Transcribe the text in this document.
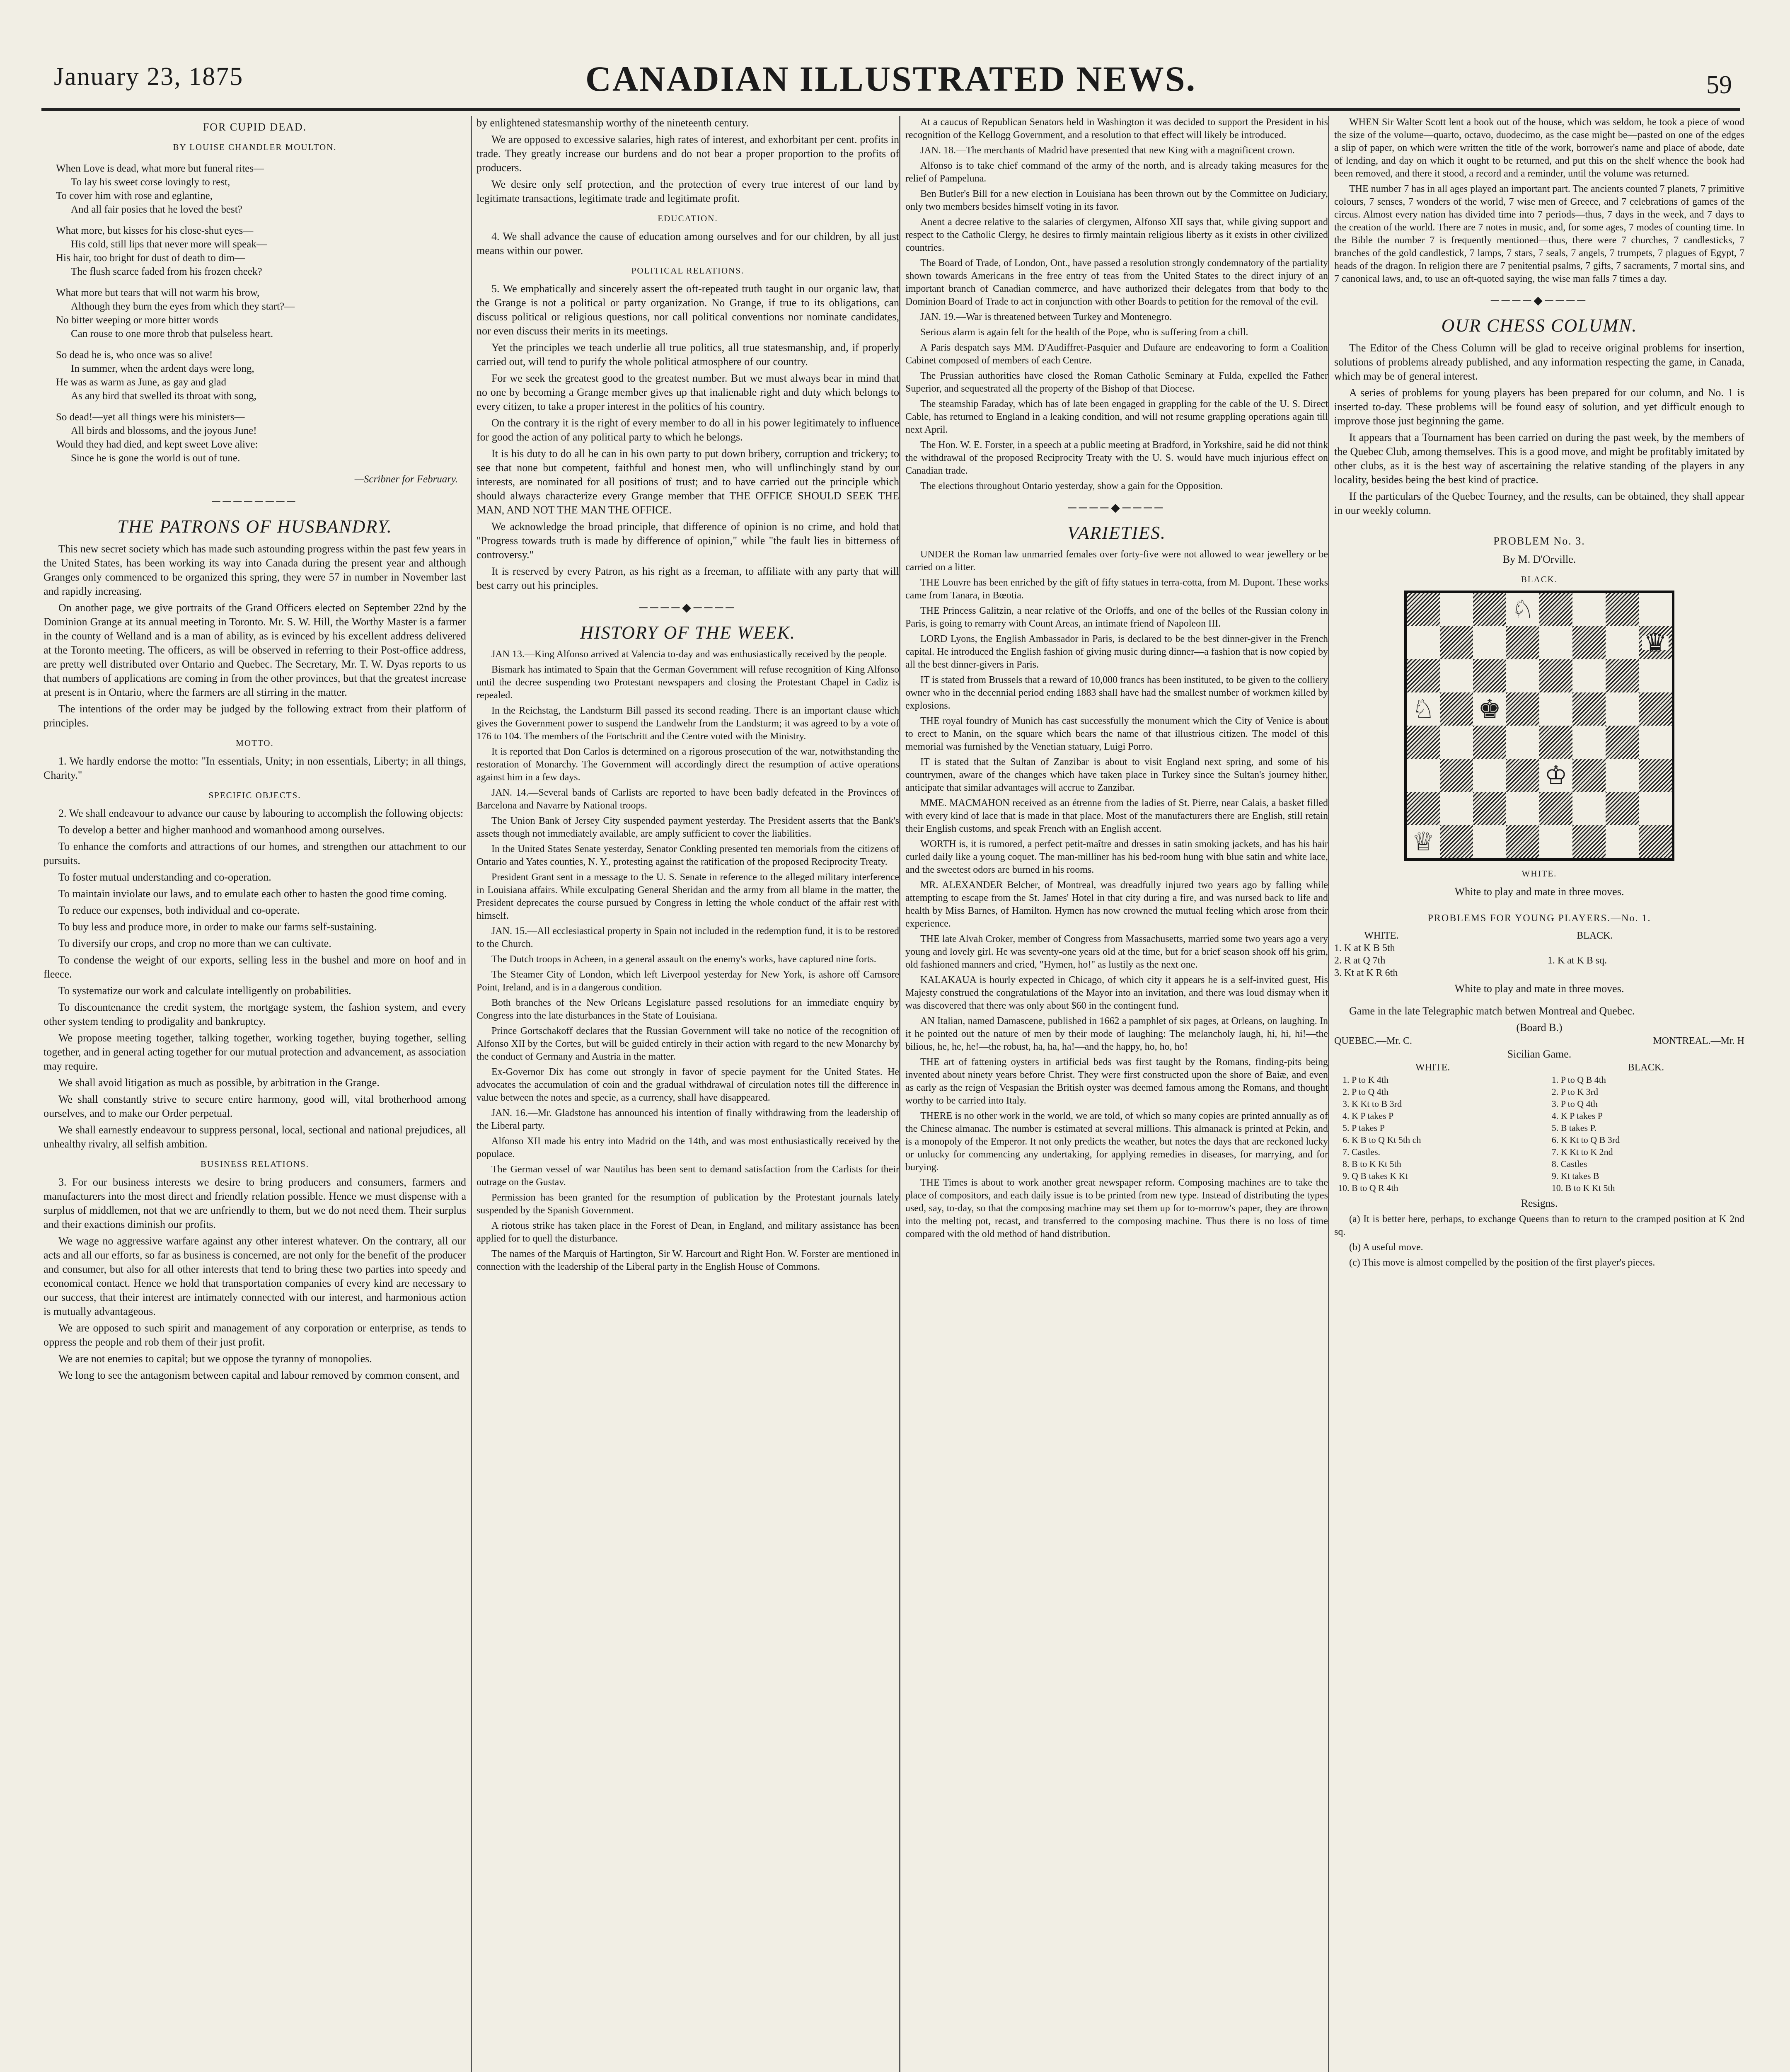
January 23, 1875	CANADIAN ILLUSTRATED NEWS.	59
FOR CUPID DEAD.
BY LOUISE CHANDLER MOULTON.
When Love is dead, what more but funeral rites—
To lay his sweet corse lovingly to rest,
To cover him with rose and eglantine,
And all fair posies that he loved the best?
What more, but kisses for his close-shut eyes—
His cold, still lips that never more will speak—
His hair, too bright for dust of death to dim—
The flush scarce faded from his frozen cheek?
What more but tears that will not warm his brow,
Although they burn the eyes from which they start?—
No bitter weeping or more bitter words
Can rouse to one more throb that pulseless heart.
So dead he is, who once was so alive!
In summer, when the ardent days were long,
He was as warm as June, as gay and glad
As any bird that swelled its throat with song,
So dead!—yet all things were his ministers—
All birds and blossoms, and the joyous June!
Would they had died, and kept sweet Love alive:
Since he is gone the world is out of tune.
—Scribner for February.
────────
THE PATRONS OF HUSBANDRY.

This new secret society which has made such astounding progress within the past few years in the United States, has been working its way into Canada during the present year and although Granges only commenced to be organized this spring, they were 57 in number in November last and rapidly increasing.

On another page, we give portraits of the Grand Officers elected on September 22nd by the Dominion Grange at its annual meeting in Toronto. Mr. S. W. Hill, the Worthy Master is a farmer in the county of Welland and is a man of ability, as is evinced by his excellent address delivered at the Toronto meeting. The officers, as will be observed in referring to their Post-office address, are pretty well distributed over Ontario and Quebec. The Secretary, Mr. T. W. Dyas reports to us that numbers of applications are coming in from the other provinces, but that the greatest increase at present is in Ontario, where the farmers are all stirring in the matter.

The intentions of the order may be judged by the following extract from their platform of principles.

MOTTO.

1. We hardly endorse the motto: "In essentials, Unity; in non essentials, Liberty; in all things, Charity."

SPECIFIC OBJECTS.

2. We shall endeavour to advance our cause by labouring to accomplish the following objects:

To develop a better and higher manhood and womanhood among ourselves.

To enhance the comforts and attractions of our homes, and strengthen our attachment to our pursuits.

To foster mutual understanding and co-operation.

To maintain inviolate our laws, and to emulate each other to hasten the good time coming.

To reduce our expenses, both individual and co-operate.

To buy less and produce more, in order to make our farms self-sustaining.

To diversify our crops, and crop no more than we can cultivate.

To condense the weight of our exports, selling less in the bushel and more on hoof and in fleece.

To systematize our work and calculate intelligently on probabilities.

To discountenance the credit system, the mortgage system, the fashion system, and every other system tending to prodigality and bankruptcy.

We propose meeting together, talking together, working together, buying together, selling together, and in general acting together for our mutual protection and advancement, as association may require.

We shall avoid litigation as much as possible, by arbitration in the Grange.

We shall constantly strive to secure entire harmony, good will, vital brotherhood among ourselves, and to make our Order perpetual.

We shall earnestly endeavour to suppress personal, local, sectional and national prejudices, all unhealthy rivalry, all selfish ambition.

BUSINESS RELATIONS.

3. For our business interests we desire to bring producers and consumers, farmers and manufacturers into the most direct and friendly relation possible. Hence we must dispense with a surplus of middlemen, not that we are unfriendly to them, but we do not need them. Their surplus and their exactions diminish our profits.

We wage no aggressive warfare against any other interest whatever. On the contrary, all our acts and all our efforts, so far as business is concerned, are not only for the benefit of the producer and consumer, but also for all other interests that tend to bring these two parties into speedy and economical contact. Hence we hold that transportation companies of every kind are necessary to our success, that their interest are intimately connected with our interest, and harmonious action is mutually advantageous.

We are opposed to such spirit and management of any corporation or enterprise, as tends to oppress the people and rob them of their just profit.

We are not enemies to capital; but we oppose the tyranny of monopolies.

We long to see the antagonism between capital and labour removed by common consent, and

by enlightened statesmanship worthy of the nineteenth century.

We are opposed to excessive salaries, high rates of interest, and exhorbitant per cent. profits in trade. They greatly increase our burdens and do not bear a proper proportion to the profits of producers.

We desire only self protection, and the protection of every true interest of our land by legitimate transactions, legitimate trade and legitimate profit.

EDUCATION.

4. We shall advance the cause of education among ourselves and for our children, by all just means within our power.

POLITICAL RELATIONS.

5. We emphatically and sincerely assert the oft-repeated truth taught in our organic law, that the Grange is not a political or party organization. No Grange, if true to its obligations, can discuss political or religious questions, nor call political conventions nor nominate candidates, nor even discuss their merits in its meetings.

Yet the principles we teach underlie all true politics, all true statesmanship, and, if properly carried out, will tend to purify the whole political atmosphere of our country.

For we seek the greatest good to the greatest number. But we must always bear in mind that no one by becoming a Grange member gives up that inalienable right and duty which belongs to every citizen, to take a proper interest in the politics of his country.

On the contrary it is the right of every member to do all in his power legitimately to influence for good the action of any political party to which he belongs.

It is his duty to do all he can in his own party to put down bribery, corruption and trickery; to see that none but competent, faithful and honest men, who will unflinchingly stand by our interests, are nominated for all positions of trust; and to have carried out the principle which should always characterize every Grange member that THE OFFICE SHOULD SEEK THE MAN, AND NOT THE MAN THE OFFICE.

We acknowledge the broad principle, that difference of opinion is no crime, and hold that "Progress towards truth is made by difference of opinion," while "the fault lies in bitterness of controversy."

It is reserved by every Patron, as his right as a freeman, to affiliate with any party that will best carry out his principles.

────◆────
HISTORY OF THE WEEK.

JAN 13.—King Alfonso arrived at Valencia to-day and was enthusiastically received by the people.

Bismark has intimated to Spain that the German Government will refuse recognition of King Alfonso until the decree suspending two Protestant newspapers and closing the Protestant Chapel in Cadiz is repealed.

In the Reichstag, the Landsturm Bill passed its second reading. There is an important clause which gives the Government power to suspend the Landwehr from the Landsturm; it was agreed to by a vote of 176 to 104. The members of the Fortschritt and the Centre voted with the Ministry.

It is reported that Don Carlos is determined on a rigorous prosecution of the war, notwithstanding the restoration of Monarchy. The Government will accordingly direct the resumption of active operations against him in a few days.

JAN. 14.—Several bands of Carlists are reported to have been badly defeated in the Provinces of Barcelona and Navarre by National troops.

The Union Bank of Jersey City suspended payment yesterday. The President asserts that the Bank's assets though not immediately available, are amply sufficient to cover the liabilities.

In the United States Senate yesterday, Senator Conkling presented ten memorials from the citizens of Ontario and Yates counties, N. Y., protesting against the ratification of the proposed Reciprocity Treaty.

President Grant sent in a message to the U. S. Senate in reference to the alleged military interference in Louisiana affairs. While exculpating General Sheridan and the army from all blame in the matter, the President deprecates the course pursued by Congress in letting the whole conduct of the affair rest with himself.

JAN. 15.—All ecclesiastical property in Spain not included in the redemption fund, it is to be restored to the Church.

The Dutch troops in Acheen, in a general assault on the enemy's works, have captured nine forts.

The Steamer City of London, which left Liverpool yesterday for New York, is ashore off Carnsore Point, Ireland, and is in a dangerous condition.

Both branches of the New Orleans Legislature passed resolutions for an immediate enquiry by Congress into the late disturbances in the State of Louisiana.

Prince Gortschakoff declares that the Russian Government will take no notice of the recognition of Alfonso XII by the Cortes, but will be guided entirely in their action with regard to the new Monarchy by the conduct of Germany and Austria in the matter.

Ex-Governor Dix has come out strongly in favor of specie payment for the United States. He advocates the accumulation of coin and the gradual withdrawal of circulation notes till the difference in value between the notes and specie, as a currency, shall have disappeared.

JAN. 16.—Mr. Gladstone has announced his intention of finally withdrawing from the leadership of the Liberal party.

Alfonso XII made his entry into Madrid on the 14th, and was most enthusiastically received by the populace.

The German vessel of war Nautilus has been sent to demand satisfaction from the Carlists for their outrage on the Gustav.

Permission has been granted for the resumption of publication by the Protestant journals lately suspended by the Spanish Government.

A riotous strike has taken place in the Forest of Dean, in England, and military assistance has been applied for to quell the disturbance.

The names of the Marquis of Hartington, Sir W. Harcourt and Right Hon. W. Forster are mentioned in connection with the leadership of the Liberal party in the English House of Commons.

At a caucus of Republican Senators held in Washington it was decided to support the President in his recognition of the Kellogg Government, and a resolution to that effect will likely be introduced.

JAN. 18.—The merchants of Madrid have presented that new King with a magnificent crown.

Alfonso is to take chief command of the army of the north, and is already taking measures for the relief of Pampeluna.

Ben Butler's Bill for a new election in Louisiana has been thrown out by the Committee on Judiciary, only two members besides himself voting in its favor.

Anent a decree relative to the salaries of clergymen, Alfonso XII says that, while giving support and respect to the Catholic Clergy, he desires to firmly maintain religious liberty as it exists in other civilized countries.

The Board of Trade, of London, Ont., have passed a resolution strongly condemnatory of the partiality shown towards Americans in the free entry of teas from the United States to the direct injury of an important branch of Canadian commerce, and have authorized their delegates from that body to the Dominion Board of Trade to act in conjunction with other Boards to petition for the removal of the evil.

JAN. 19.—War is threatened between Turkey and Montenegro.

Serious alarm is again felt for the health of the Pope, who is suffering from a chill.

A Paris despatch says MM. D'Audiffret-Pasquier and Dufaure are endeavoring to form a Coalition Cabinet composed of members of each Centre.

The Prussian authorities have closed the Roman Catholic Seminary at Fulda, expelled the Father Superior, and sequestrated all the property of the Bishop of that Diocese.

The steamship Faraday, which has of late been engaged in grappling for the cable of the U. S. Direct Cable, has returned to England in a leaking condition, and will not resume grappling operations again till next April.

The Hon. W. E. Forster, in a speech at a public meeting at Bradford, in Yorkshire, said he did not think the withdrawal of the proposed Reciprocity Treaty with the U. S. would have much injurious effect on Canadian trade.

The elections throughout Ontario yesterday, show a gain for the Opposition.

────◆────
VARIETIES.

UNDER the Roman law unmarried females over forty-five were not allowed to wear jewellery or be carried on a litter.

THE Louvre has been enriched by the gift of fifty statues in terra-cotta, from M. Dupont. These works came from Tanara, in Bœotia.

THE Princess Galitzin, a near relative of the Orloffs, and one of the belles of the Russian colony in Paris, is going to remarry with Count Areas, an intimate friend of Napoleon III.

LORD Lyons, the English Ambassador in Paris, is declared to be the best dinner-giver in the French capital. He introduced the English fashion of giving music during dinner—a fashion that is now copied by all the best dinner-givers in Paris.

IT is stated from Brussels that a reward of 10,000 francs has been instituted, to be given to the colliery owner who in the decennial period ending 1883 shall have had the smallest number of workmen killed by explosions.

THE royal foundry of Munich has cast successfully the monument which the City of Venice is about to erect to Manin, on the square which bears the name of that illustrious citizen. The model of this memorial was furnished by the Venetian statuary, Luigi Porro.

IT is stated that the Sultan of Zanzibar is about to visit England next spring, and some of his countrymen, aware of the changes which have taken place in Turkey since the Sultan's journey hither, anticipate that similar advantages will accrue to Zanzibar.

MME. MACMAHON received as an étrenne from the ladies of St. Pierre, near Calais, a basket filled with every kind of lace that is made in that place. Most of the manufacturers there are English, still retain their English customs, and speak French with an English accent.

WORTH is, it is rumored, a perfect petit-maître and dresses in satin smoking jackets, and has his hair curled daily like a young coquet. The man-milliner has his bed-room hung with blue satin and white lace, and the sweetest odors are burned in his rooms.

MR. ALEXANDER Belcher, of Montreal, was dreadfully injured two years ago by falling while attempting to escape from the St. James' Hotel in that city during a fire, and was nursed back to life and health by Miss Barnes, of Hamilton. Hymen has now crowned the mutual feeling which arose from their experience.

THE late Alvah Croker, member of Congress from Massachusetts, married some two years ago a very young and lovely girl. He was seventy-one years old at the time, but for a brief season shook off his grim, old fashioned manners and cried, "Hymen, ho!" as lustily as the next one.

KALAKAUA is hourly expected in Chicago, of which city it appears he is a self-invited guest, His Majesty construed the congratulations of the Mayor into an invitation, and there was loud dismay when it was discovered that there was only about $60 in the contingent fund.

AN Italian, named Damascene, published in 1662 a pamphlet of six pages, at Orleans, on laughing. In it he pointed out the nature of men by their mode of laughing: The melancholy laugh, hi, hi, hi!—the bilious, he, he, he!—the robust, ha, ha, ha!—and the happy, ho, ho, ho!

THE art of fattening oysters in artificial beds was first taught by the Romans, finding-pits being invented about ninety years before Christ. They were first constructed upon the shore of Baiæ, and even as early as the reign of Vespasian the British oyster was deemed famous among the Romans, and thought worthy to be carried into Italy.

THERE is no other work in the world, we are told, of which so many copies are printed annually as of the Chinese almanac. The number is estimated at several millions. This almanack is printed at Pekin, and is a monopoly of the Emperor. It not only predicts the weather, but notes the days that are reckoned lucky or unlucky for commencing any undertaking, for applying remedies in diseases, for marrying, and for burying.

THE Times is about to work another great newspaper reform. Composing machines are to take the place of compositors, and each daily issue is to be printed from new type. Instead of distributing the types used, say, to-day, so that the composing machine may set them up for to-morrow's paper, they are thrown into the melting pot, recast, and transferred to the composing machine. Thus there is no loss of time compared with the old method of hand distribution.

WHEN Sir Walter Scott lent a book out of the house, which was seldom, he took a piece of wood the size of the volume—quarto, octavo, duodecimo, as the case might be—pasted on one of the edges a slip of paper, on which were written the title of the work, borrower's name and place of abode, date of lending, and day on which it ought to be returned, and put this on the shelf whence the book had been removed, and there it stood, a record and a reminder, until the volume was returned.

THE number 7 has in all ages played an important part. The ancients counted 7 planets, 7 primitive colours, 7 senses, 7 wonders of the world, 7 wise men of Greece, and 7 celebrations of games of the circus. Almost every nation has divided time into 7 periods—thus, 7 days in the week, and 7 days to the creation of the world. There are 7 notes in music, and, for some ages, 7 modes of counting time. In the Bible the number 7 is frequently mentioned—thus, there were 7 churches, 7 candlesticks, 7 branches of the gold candlestick, 7 lamps, 7 stars, 7 seals, 7 angels, 7 trumpets, 7 plagues of Egypt, 7 heads of the dragon. In religion there are 7 penitential psalms, 7 gifts, 7 sacraments, 7 mortal sins, and 7 canonical laws, and, to use an oft-quoted saying, the wise man falls 7 times a day.

────◆────
OUR CHESS COLUMN.

The Editor of the Chess Column will be glad to receive original problems for insertion, solutions of problems already published, and any information respecting the game, in Canada, which may be of general interest.

A series of problems for young players has been prepared for our column, and No. 1 is inserted to-day. These problems will be found easy of solution, and yet difficult enough to improve those just beginning the game.

It appears that a Tournament has been carried on during the past week, by the members of the Quebec Club, among themselves. This is a good move, and might be profitably imitated by other clubs, as it is the best way of ascertaining the relative standing of the players in any locality, besides being the best kind of practice.

If the particulars of the Quebec Tourney, and the results, can be obtained, they shall appear in our weekly column.

PROBLEM No. 3.
By M. D'Orville.
BLACK.
♘
♛
♘ ♚
♔
♕
WHITE.
White to play and mate in three moves.
PROBLEMS FOR YOUNG PLAYERS.—No. 1.
WHITE.
1. K at K B 5th
2. R at Q 7th
3. Kt at K R 6th
BLACK.

1. K at K B sq.
White to play and mate in three moves.

Game in the late Telegraphic match betwen Montreal and Quebec.

(Board B.)
QUEBEC.—Mr. C.	MONTREAL.—Mr. H
Sicilian Game.
WHITE.	BLACK.
1. P to K 4th
2. P to Q 4th
3. K Kt to B 3rd
4. K P takes P
5. P takes P
6. K B to Q Kt 5th ch
7. Castles.
8. B to K Kt 5th
9. Q B takes K Kt
10. B to Q R 4th
1. P to Q B 4th
2. P to K 3rd
3. P to Q 4th
4. K P takes P
5. B takes P.
6. K Kt to Q B 3rd
7. K Kt to K 2nd
8. Castles
9. Kt takes B
10. B to K Kt 5th
Resigns.

(a) It is better here, perhaps, to exchange Queens than to return to the cramped position at K 2nd sq.

(b) A useful move.

(c) This move is almost compelled by the position of the first player's pieces.
